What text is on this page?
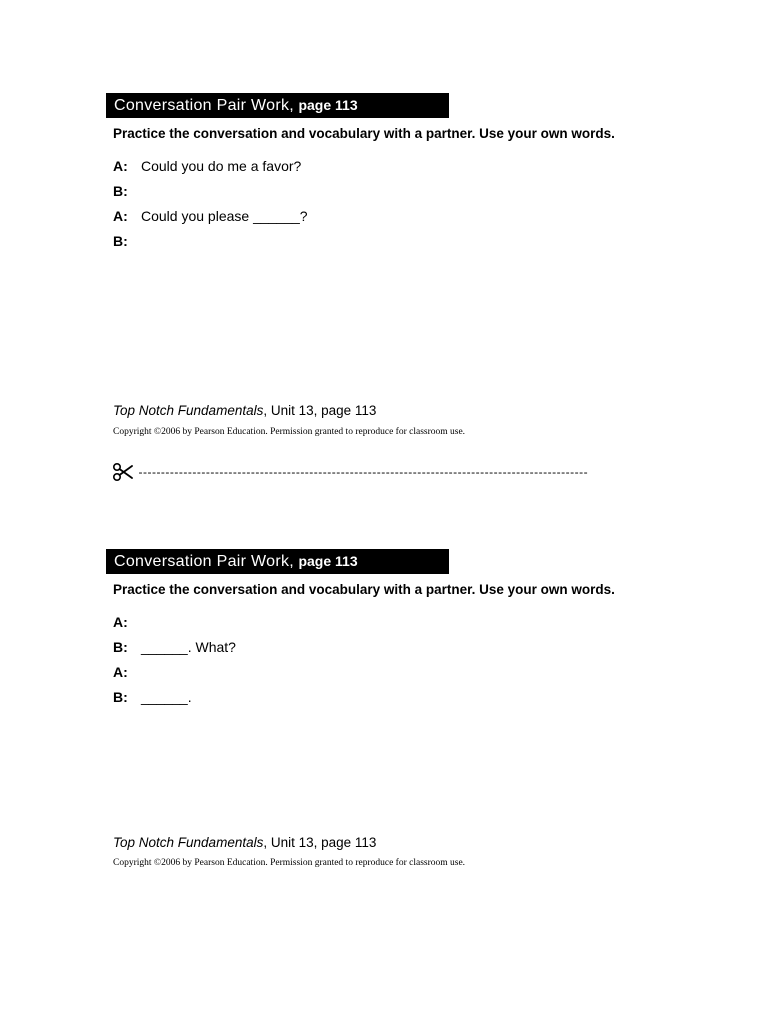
Conversation Pair Work, page 113
Practice the conversation and vocabulary with a partner. Use your own words.
A: Could you do me a favor?
B:
A: Could you please ______?
B:
Top Notch Fundamentals, Unit 13, page 113
Copyright ©2006 by Pearson Education. Permission granted to reproduce for classroom use.
----------------------------------------------------------------------------------------------------
Conversation Pair Work, page 113
Practice the conversation and vocabulary with a partner. Use your own words.
A:
B: ______. What?
A:
B: ______.
Top Notch Fundamentals, Unit 13, page 113
Copyright ©2006 by Pearson Education. Permission granted to reproduce for classroom use.
